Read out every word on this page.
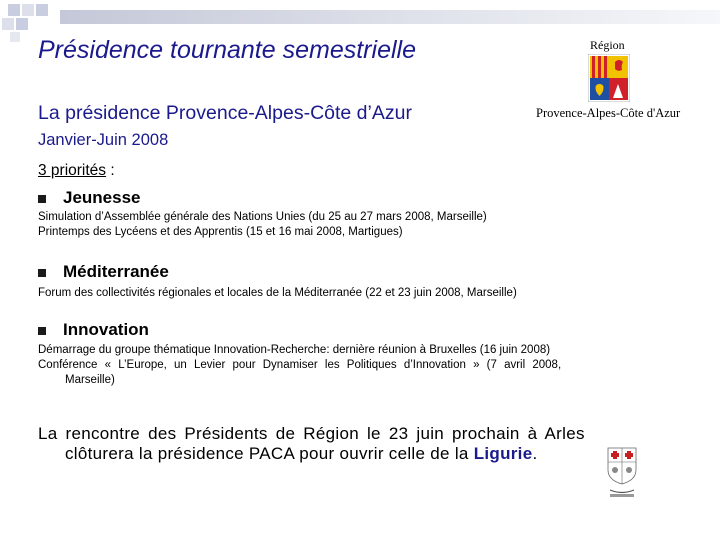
Présidence tournante semestrielle
La présidence Provence-Alpes-Côte d’Azur
Janvier-Juin 2008
Région
Provence-Alpes-Côte d'Azur
3 priorités :
Jeunesse
Simulation d’Assemblée générale des Nations Unies (du 25 au 27 mars 2008, Marseille)
Printemps des Lycéens et des Apprentis (15 et 16 mai 2008, Martigues)
Méditerranée
Forum des collectivités régionales et locales de la Méditerranée (22 et 23 juin 2008, Marseille)
Innovation
Démarrage du groupe thématique Innovation-Recherche: dernière réunion à Bruxelles (16 juin 2008)
Conférence « L’Europe, un Levier pour Dynamiser les Politiques d’Innovation » (7 avril 2008,
Marseille)
La rencontre des Présidents de Région le 23 juin prochain à Arles
clôturera la présidence PACA pour ouvrir celle de la Ligurie.
